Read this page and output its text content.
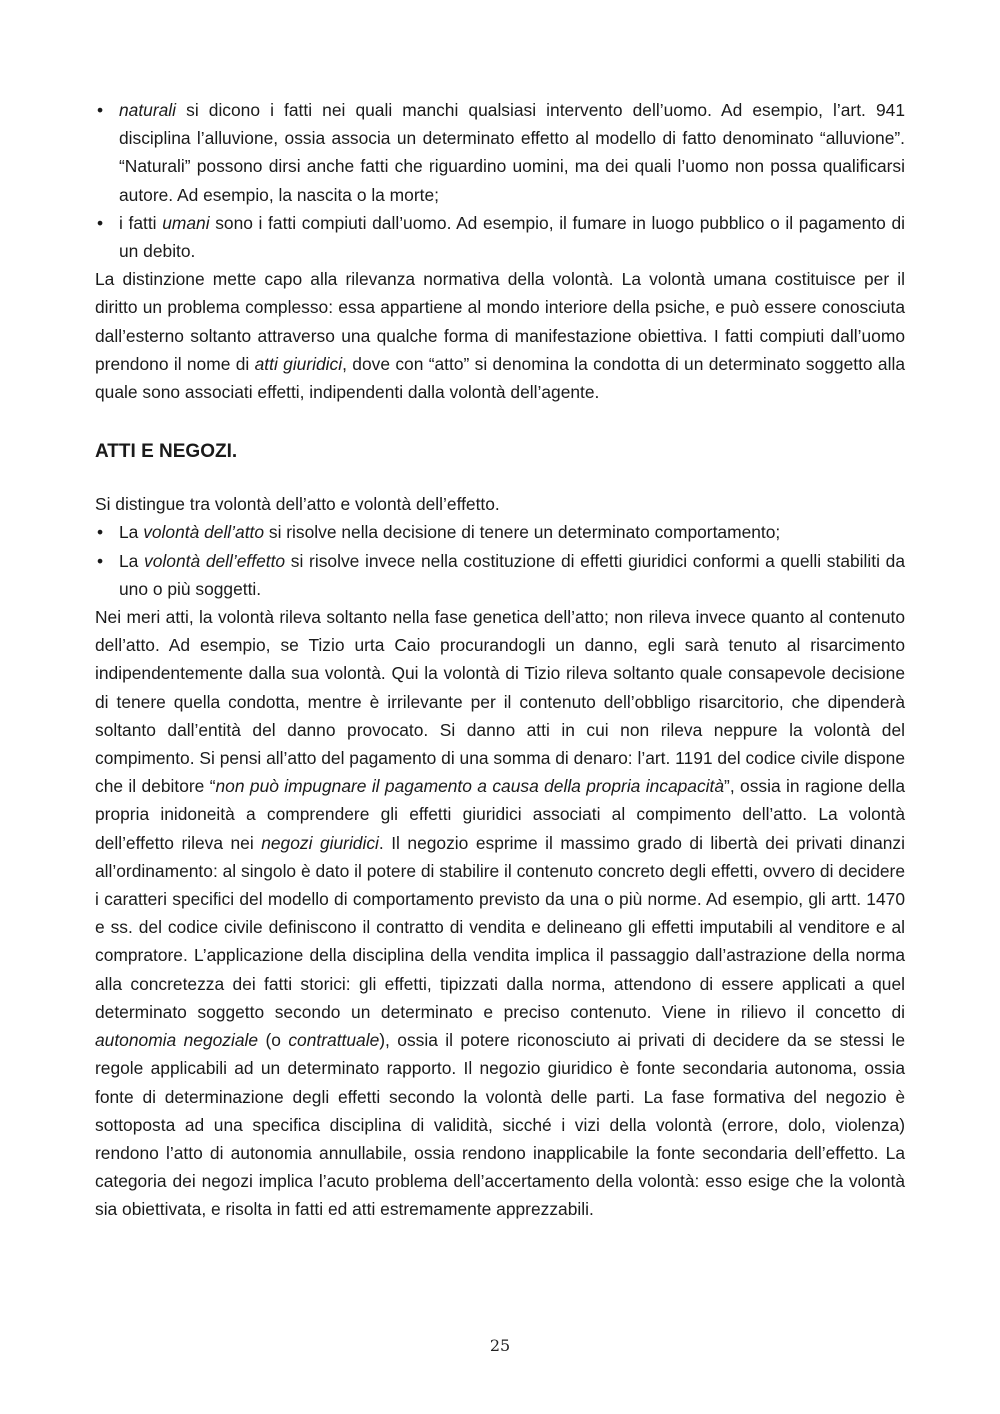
• naturali si dicono i fatti nei quali manchi qualsiasi intervento dell’uomo. Ad esempio, l’art. 941 disciplina l’alluvione, ossia associa un determinato effetto al modello di fatto denominato “alluvione”. “Naturali” possono dirsi anche fatti che riguardino uomini, ma dei quali l’uomo non possa qualificarsi autore. Ad esempio, la nascita o la morte;
• i fatti umani sono i fatti compiuti dall’uomo. Ad esempio, il fumare in luogo pubblico o il pagamento di un debito.

La distinzione mette capo alla rilevanza normativa della volontà. La volontà umana costituisce per il diritto un problema complesso: essa appartiene al mondo interiore della psiche, e può essere conosciuta dall’esterno soltanto attraverso una qualche forma di manifestazione obiettiva. I fatti compiuti dall’uomo prendono il nome di atti giuridici, dove con “atto” si denomina la condotta di un determinato soggetto alla quale sono associati effetti, indipendenti dalla volontà dell’agente.

ATTI E NEGOZI.

Si distingue tra volontà dell’atto e volontà dell’effetto.

• La volontà dell’atto si risolve nella decisione di tenere un determinato comportamento;
• La volontà dell’effetto si risolve invece nella costituzione di effetti giuridici conformi a quelli stabiliti da uno o più soggetti.

Nei meri atti, la volontà rileva soltanto nella fase genetica dell’atto; non rileva invece quanto al contenuto dell’atto. Ad esempio, se Tizio urta Caio procurandogli un danno, egli sarà tenuto al risarcimento indipendentemente dalla sua volontà. Qui la volontà di Tizio rileva soltanto quale consapevole decisione di tenere quella condotta, mentre è irrilevante per il contenuto dell’obbligo risarcitorio, che dipenderà soltanto dall’entità del danno provocato. Si danno atti in cui non rileva neppure la volontà del compimento. Si pensi all’atto del pagamento di una somma di denaro: l’art. 1191 del codice civile dispone che il debitore “non può impugnare il pagamento a causa della propria incapacità”, ossia in ragione della propria inidoneità a comprendere gli effetti giuridici associati al compimento dell’atto. La volontà dell’effetto rileva nei negozi giuridici. Il negozio esprime il massimo grado di libertà dei privati dinanzi all’ordinamento: al singolo è dato il potere di stabilire il contenuto concreto degli effetti, ovvero di decidere i caratteri specifici del modello di comportamento previsto da una o più norme. Ad esempio, gli artt. 1470 e ss. del codice civile definiscono il contratto di vendita e delineano gli effetti imputabili al venditore e al compratore. L’applicazione della disciplina della vendita implica il passaggio dall’astrazione della norma alla concretezza dei fatti storici: gli effetti, tipizzati dalla norma, attendono di essere applicati a quel determinato soggetto secondo un determinato e preciso contenuto. Viene in rilievo il concetto di autonomia negoziale (o contrattuale), ossia il potere riconosciuto ai privati di decidere da se stessi le regole applicabili ad un determinato rapporto. Il negozio giuridico è fonte secondaria autonoma, ossia fonte di determinazione degli effetti secondo la volontà delle parti. La fase formativa del negozio è sottoposta ad una specifica disciplina di validità, sicché i vizi della volontà (errore, dolo, violenza) rendono l’atto di autonomia annullabile, ossia rendono inapplicabile la fonte secondaria dell’effetto. La categoria dei negozi implica l’acuto problema dell’accertamento della volontà: esso esige che la volontà sia obiettivata, e risolta in fatti ed atti estremamente apprezzabili.

25
